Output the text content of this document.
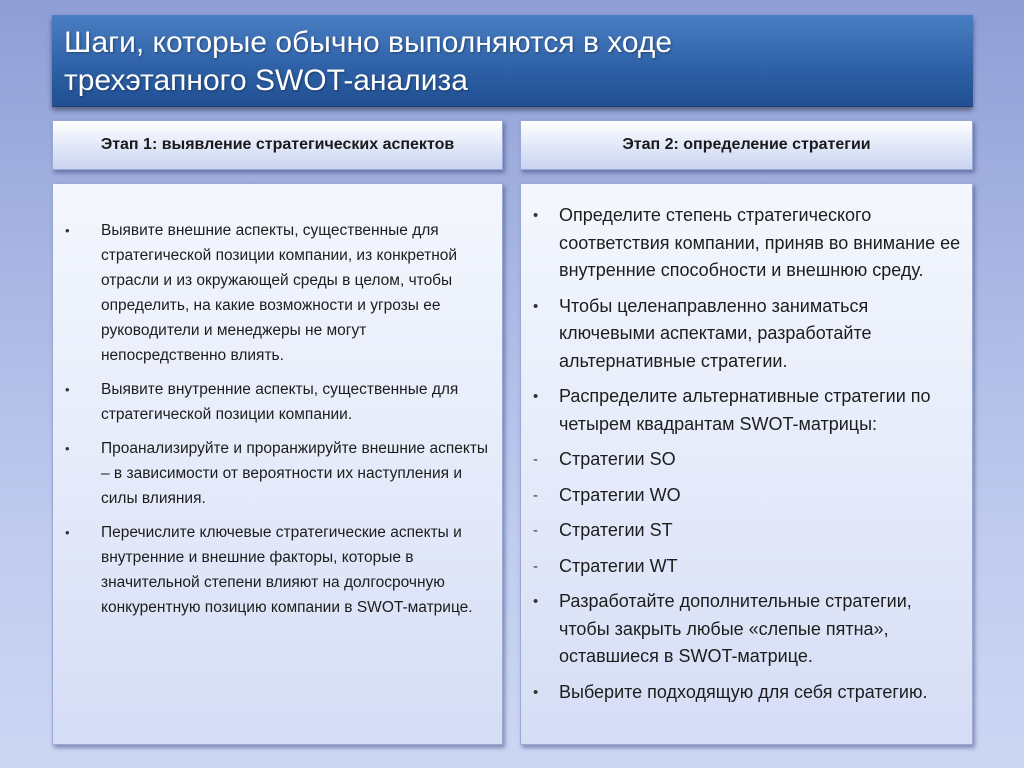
Шаги, которые обычно выполняются в ходе
трехэтапного SWOT-анализа
Этап 1: выявление стратегических аспектов	Этап 2: определение стратегии
• Выявите внешние аспекты, существенные для стратегической позиции компании, из конкретной отрасли и из окружающей среды в целом, чтобы определить, на какие возможности и угрозы ее руководители и менеджеры не могут непосредственно влиять.
• Выявите внутренние аспекты, существенные для стратегической позиции компании.
• Проанализируйте и проранжируйте внешние аспекты – в зависимости от вероятности их наступления и силы влияния.
• Перечислите ключевые стратегические аспекты и внутренние и внешние факторы, которые в значительной степени влияют на долгосрочную конкурентную позицию компании в SWOT-матрице.
• Определите степень стратегического соответствия компании, приняв во внимание ее внутренние способности и внешнюю среду.
• Чтобы целенаправленно заниматься ключевыми аспектами, разработайте альтернативные стратегии.
• Распределите альтернативные стратегии по четырем квадрантам SWOT-матрицы:
- Стратегии SO
- Стратегии WO
- Стратегии ST
- Стратегии WT
• Разработайте дополнительные стратегии, чтобы закрыть любые «слепые пятна», оставшиеся в SWOT-матрице.
• Выберите подходящую для себя стратегию.
